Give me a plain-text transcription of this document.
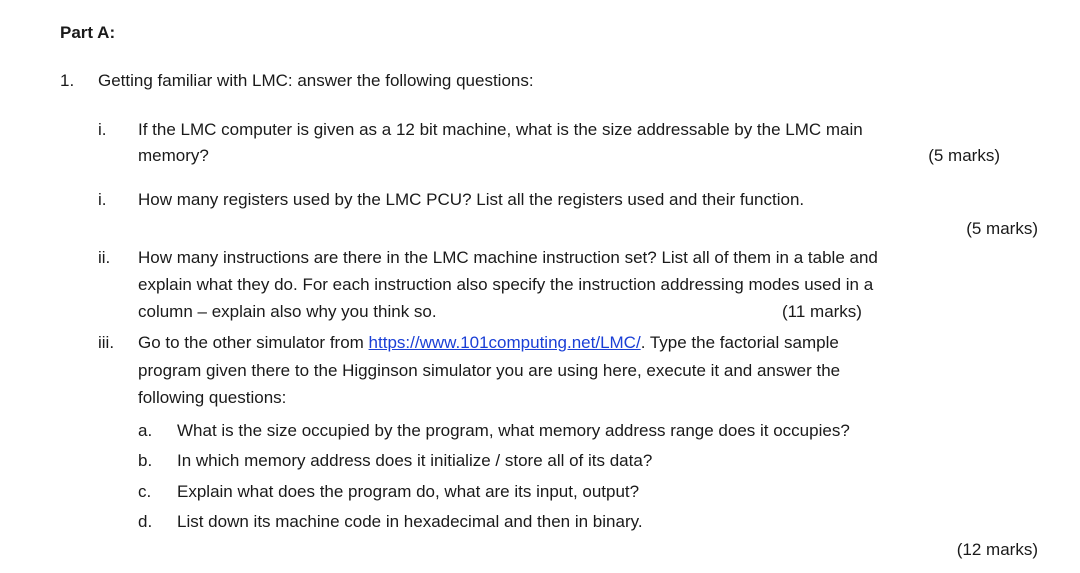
Part A:
1. Getting familiar with LMC: answer the following questions:
i. If the LMC computer is given as a 12 bit machine, what is the size addressable by the LMC main
memory?	(5 marks)
i. How many registers used by the LMC PCU? List all the registers used and their function.
(5 marks)
ii. How many instructions are there in the LMC machine instruction set? List all of them in a table and
explain what they do. For each instruction also specify the instruction addressing modes used in a
column – explain also why you think so.	(11 marks)
iii. Go to the other simulator from https://www.101computing.net/LMC/. Type the factorial sample
program given there to the Higginson simulator you are using here, execute it and answer the
following questions:
a. What is the size occupied by the program, what memory address range does it occupies?
b. In which memory address does it initialize / store all of its data?
c. Explain what does the program do, what are its input, output?
d. List down its machine code in hexadecimal and then in binary.
(12 marks)
